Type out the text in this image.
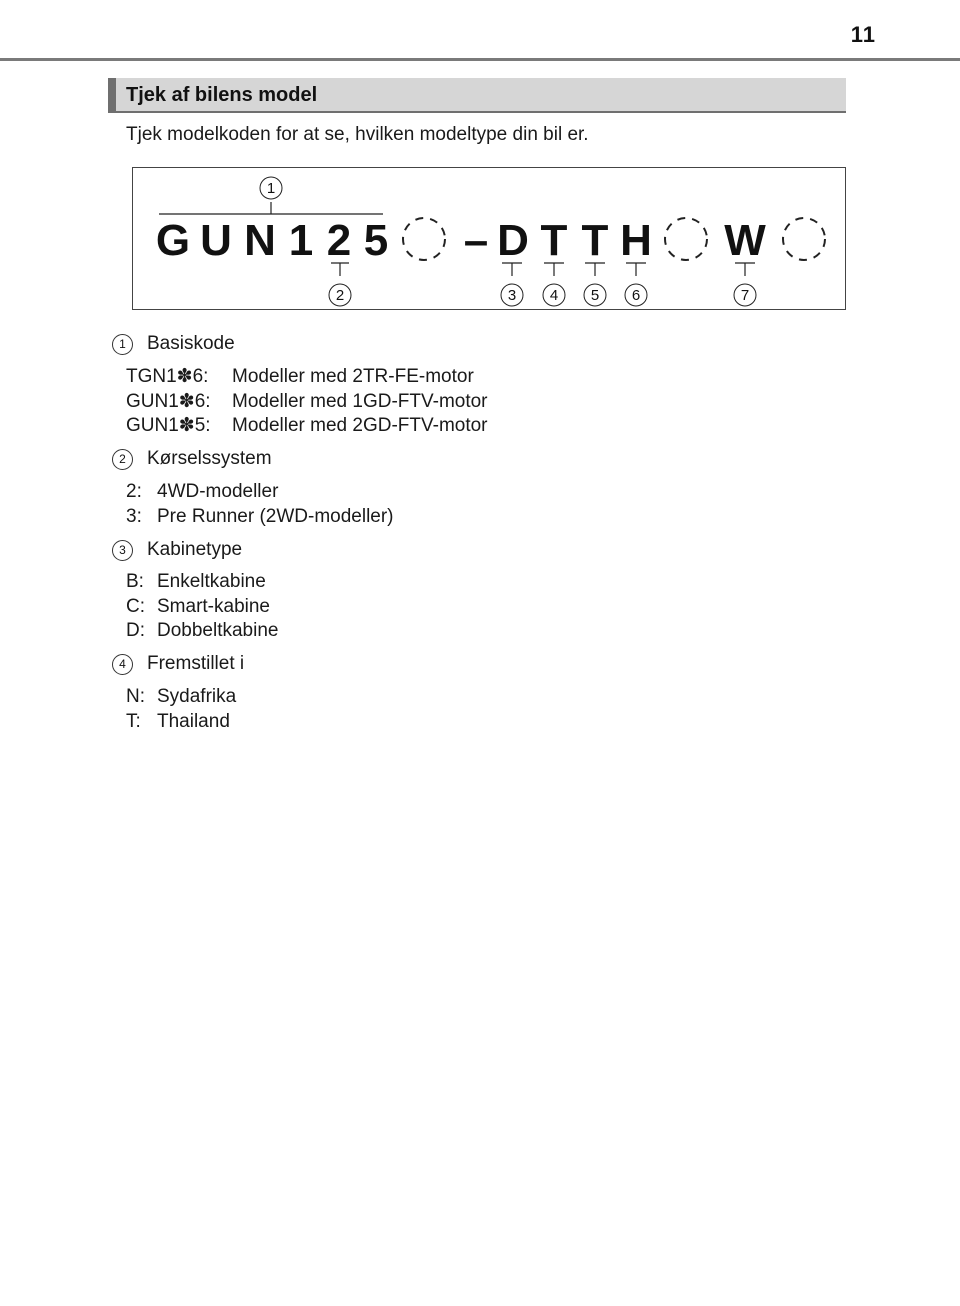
11
Tjek af bilens model
Tjek modelkoden for at se, hvilken modeltype din bil er.
1
G U N 1 2 5 – D T T H W
2	3 4 5 6	7
1	Basiskode
TGN1✽6:	Modeller med 2TR-FE-motor
GUN1✽6:	Modeller med 1GD-FTV-motor
GUN1✽5:	Modeller med 2GD-FTV-motor
2	Kørselssystem
2: 4WD-modeller
3: Pre Runner (2WD-modeller)
3	Kabinetype
B: Enkeltkabine
C: Smart-kabine
D: Dobbeltkabine
4	Fremstillet i
N: Sydafrika
T: Thailand
